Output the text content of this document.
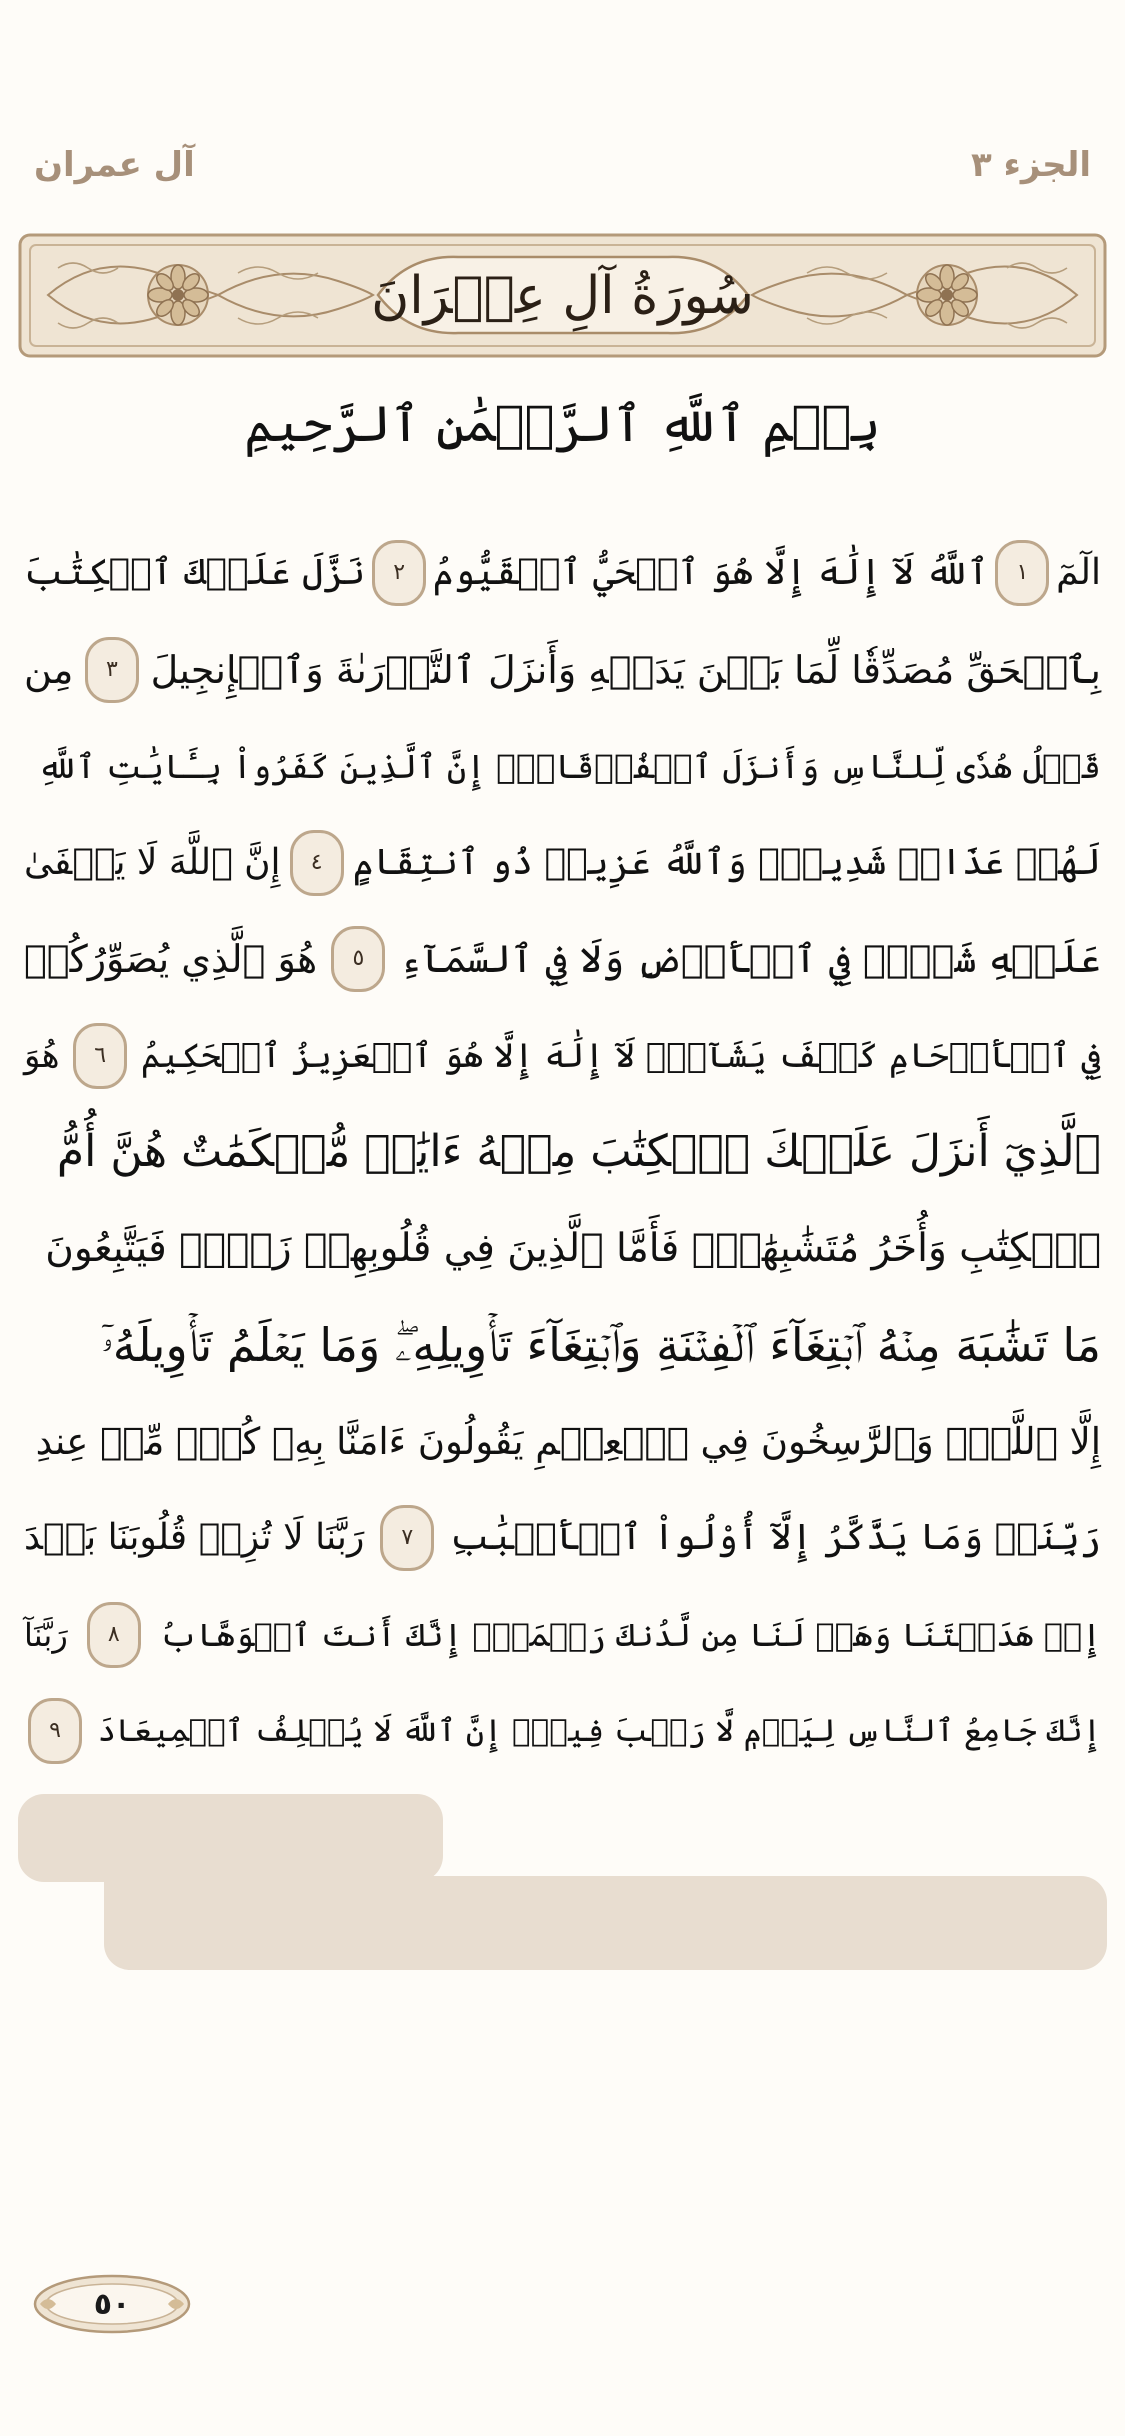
الجزء ٣
آل عمران
سُورَةُ آلِ عِمۡرَانَ
بِسۡمِ ٱللَّهِ ٱلرَّحۡمَٰنِ ٱلرَّحِيمِ
الٓمٓ
١
ٱللَّهُ لَآ إِلَٰهَ إِلَّا هُوَ ٱلۡحَيُّ ٱلۡقَيُّومُ
٢
نَزَّلَ عَلَيۡكَ ٱلۡكِتَٰبَ
بِٱلۡحَقِّ مُصَدِّقٗا لِّمَا بَيۡنَ يَدَيۡهِ وَأَنزَلَ ٱلتَّوۡرَىٰةَ وَٱلۡإِنجِيلَ
٣
مِن
قَبۡلُ هُدٗى لِّلنَّاسِ وَأَنزَلَ ٱلۡفُرۡقَانَۗ إِنَّ ٱلَّذِينَ كَفَرُواْ بِـَٔايَٰتِ ٱللَّهِ
لَهُمۡ عَذَابٞ شَدِيدٞۗ وَٱللَّهُ عَزِيزٞ ذُو ٱنتِقَامٍ
٤
إِنَّ ٱللَّهَ لَا يَخۡفَىٰ
عَلَيۡهِ شَيۡءٞ فِي ٱلۡأَرۡضِ وَلَا فِي ٱلسَّمَآءِ
٥
هُوَ ٱلَّذِي يُصَوِّرُكُمۡ
فِي ٱلۡأَرۡحَامِ كَيۡفَ يَشَآءُۚ لَآ إِلَٰهَ إِلَّا هُوَ ٱلۡعَزِيزُ ٱلۡحَكِيمُ
٦
هُوَ
ٱلَّذِيٓ أَنزَلَ عَلَيۡكَ ٱلۡكِتَٰبَ مِنۡهُ ءَايَٰتٞ مُّحۡكَمَٰتٌ هُنَّ أُمُّ
ٱلۡكِتَٰبِ وَأُخَرُ مُتَشَٰبِهَٰتٞۖ فَأَمَّا ٱلَّذِينَ فِي قُلُوبِهِمۡ زَيۡغٞ فَيَتَّبِعُونَ
مَا تَشَٰبَهَ مِنۡهُ ٱبۡتِغَآءَ ٱلۡفِتۡنَةِ وَٱبۡتِغَآءَ تَأۡوِيلِهِۦۖ وَمَا يَعۡلَمُ تَأۡوِيلَهُۥٓ
إِلَّا ٱللَّهُۗ وَٱلرَّٰسِخُونَ فِي ٱلۡعِلۡمِ يَقُولُونَ ءَامَنَّا بِهِۦ كُلّٞ مِّنۡ عِندِ
رَبِّنَاۗ وَمَا يَذَّكَّرُ إِلَّآ أُوْلُواْ ٱلۡأَلۡبَٰبِ
٧
رَبَّنَا لَا تُزِغۡ قُلُوبَنَا بَعۡدَ
إِذۡ هَدَيۡتَنَا وَهَبۡ لَنَا مِن لَّدُنكَ رَحۡمَةًۚ إِنَّكَ أَنتَ ٱلۡوَهَّابُ
٨
رَبَّنَآ
إِنَّكَ جَامِعُ ٱلنَّاسِ لِيَوۡمٖ لَّا رَيۡبَ فِيهِۚ إِنَّ ٱللَّهَ لَا يُخۡلِفُ ٱلۡمِيعَادَ
٩
٥٠
